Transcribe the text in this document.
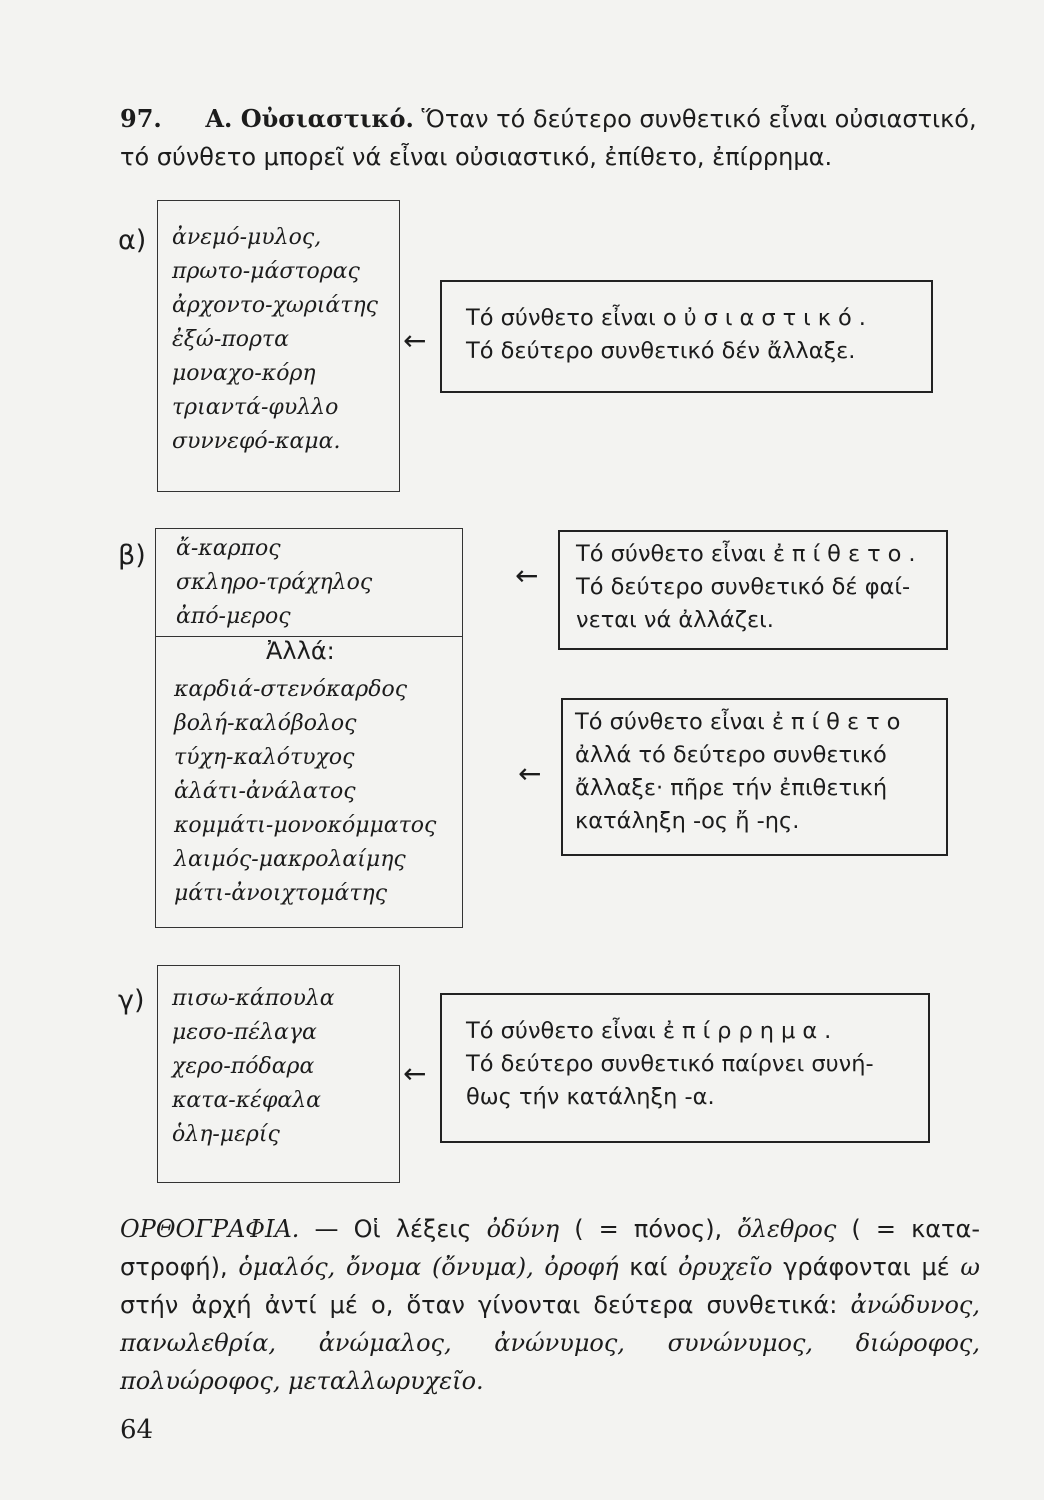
97. Α. Οὐσιαστικό. Ὅταν τό δεύτερο συνθετικό εἶναι οὐσιαστικό,
τό σύνθετο μπορεῖ νά εἶναι οὐσιαστικό, ἐπίθετο, ἐπίρρημα.
α) ἀνεμό-μυλος,
πρωτο-μάστορας
ἀρχοντο-χωριάτης
ἐξώ-πορτα
μοναχο-κόρη
τριαντά-φυλλο
συννεφό-καμα.
←
Τό σύνθετο εἶναι οὐσιαστικό.
Τό δεύτερο συνθετικό δέν ἄλλαξε.
β) ἄ-καρπος
σκληρο-τράχηλος
ἀπό-μερος
Ἀλλά:
καρδιά-στενόκαρδος
βολή-καλόβολος
τύχη-καλότυχος
ἁλάτι-ἀνάλατος
κομμάτι-μονοκόμματος
λαιμός-μακρολαίμης
μάτι-ἀνοιχτομάτης
←
Τό σύνθετο εἶναι ἐπίθετο.
Τό δεύτερο συνθετικό δέ φαί-
νεται νά ἀλλάζει.
←
Τό σύνθετο εἶναι ἐπίθετο
ἀλλά τό δεύτερο συνθετικό
ἄλλαξε· πῆρε τήν ἐπιθετική
κατάληξη -ος ἤ -ης.
γ) πισω-κάπουλα
μεσο-πέλαγα
χερο-πόδαρα
κατα-κέφαλα
ὁλη-μερίς
←
Τό σύνθετο εἶναι ἐπίρρημα.
Τό δεύτερο συνθετικό παίρνει συνή-
θως τήν κατάληξη -α.
ΟΡΘΟΓΡΑΦΙΑ. — Οἱ λέξεις ὀδύνη ( = πόνος), ὄλεθρος ( = κατα-στροφή), ὁμαλός, ὄνομα (ὄνυμα), ὀροφή καί ὀρυχεῖο γράφονται μέ ω στήν ἀρχή ἀντί μέ ο, ὅταν γίνονται δεύτερα συνθετικά: ἀνώδυνος, πανωλεθρία, ἀνώμαλος, ἀνώνυμος, συνώνυμος, διώροφος, πολυώροφος, μεταλλωρυχεῖο.
64
